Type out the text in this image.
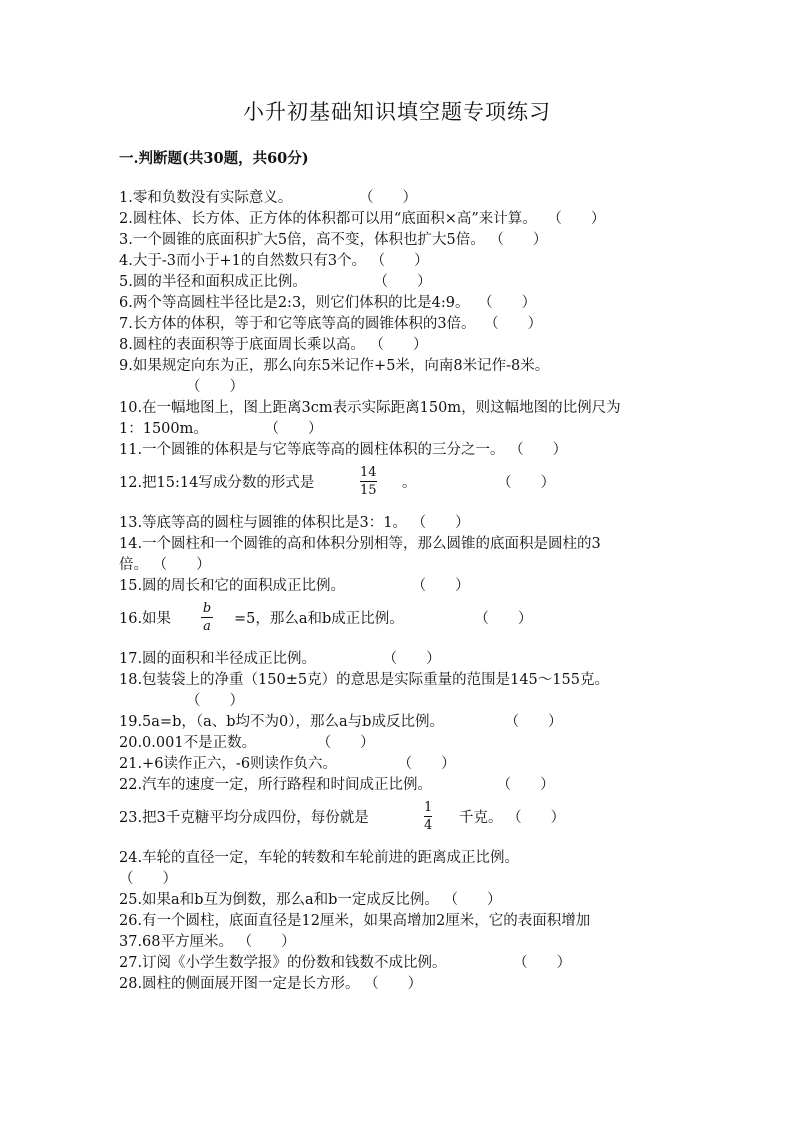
小升初基础知识填空题专项练习
一.判断题(共30题，共60分)
1.零和负数没有实际意义。	（　　）
2.圆柱体、长方体、正方体的体积都可以用“底面积×高”来计算。 （　　）
3.一个圆锥的底面积扩大5倍，高不变，体积也扩大5倍。 （　　）
4.大于-3而小于+1的自然数只有3个。 （　　）
5.圆的半径和面积成正比例。	（　　）
6.两个等高圆柱半径比是2:3，则它们体积的比是4:9。 （　　）
7.长方体的体积，等于和它等底等高的圆锥体积的3倍。 （　　）
8.圆柱的表面积等于底面周长乘以高。 （　　）
9.如果规定向东为正，那么向东5米记作+5米，向南8米记作-8米。
（　　）
10.在一幅地图上，图上距离3cm表示实际距离150m，则这幅地图的比例尺为
1：1500m。	（　　）
11.一个圆锥的体积是与它等底等高的圆柱体积的三分之一。 （　　）
12.把15:14写成分数的形式是
14
15 。	（　　）
13.等底等高的圆柱与圆锥的体积比是3：1。 （　　）
14.一个圆柱和一个圆锥的高和体积分别相等，那么圆锥的底面积是圆柱的3
倍。 （　　）
15.圆的周长和它的面积成正比例。	（　　）
16.如果
b
a =5，那么a和b成正比例。	（　　）
17.圆的面积和半径成正比例。	（　　）
18.包装袋上的净重（150±5克）的意思是实际重量的范围是145～155克。
（　　）
19.5a=b，（a、b均不为0），那么a与b成反比例。	（　　）
20.0.001不是正数。	（　　）
21.+6读作正六，-6则读作负六。	（　　）
22.汽车的速度一定，所行路程和时间成正比例。	（　　）
23.把3千克糖平均分成四份，每份就是
1
4 千克。 （　　）
24.车轮的直径一定，车轮的转数和车轮前进的距离成正比例。
（　　）
25.如果a和b互为倒数，那么a和b一定成反比例。 （　　）
26.有一个圆柱，底面直径是12厘米，如果高增加2厘米，它的表面积增加
37.68平方厘米。 （　　）
27.订阅《小学生数学报》的份数和钱数不成比例。	（　　）
28.圆柱的侧面展开图一定是长方形。 （　　）
